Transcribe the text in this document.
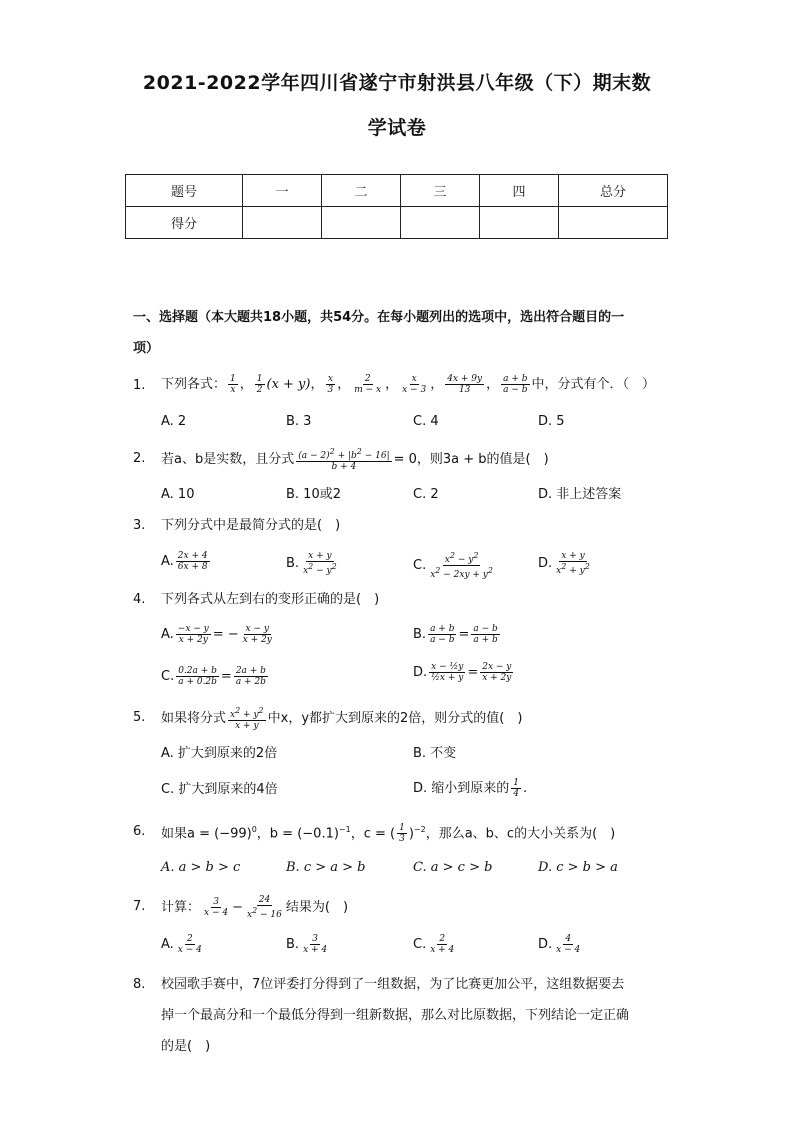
2021-2022学年四川省遂宁市射洪县八年级（下）期末数
学试卷
题号	一	二	三	四	总分
得分					
一、选择题（本大题共18小题，共54分。在每小题列出的选项中，选出符合题目的一
项）
1. 下列各式： $\frac{1}{x}$ ， $\frac{1}{2} (x + y)$， $\frac{x}{3}$ ， $\frac{2}{m - x}$ ， $\frac{x}{x - 3}$ ， $\frac{4x + 9y}{13}$ ， $\frac{a + b}{a - b}$ 中，分式有个．（　）
A. 2	B. 3	C. 4	D. 5
2. 若a、b是实数，且分式 $\frac{(a - 2)2 + |b2 - 16|}{b + 4} = 0$，则3a + b的值是(　)
A. 10	B. 10或2	C. 2	D. 非上述答案
3. 下列分式中是最简分式的是(　)
A. $\frac{2x + 4}{6x + 8}$	B. $\frac{x + y}{x2 - y2}$	C. $\frac{x2 - y2}{x2 - 2xy + y2}$	D. $\frac{x + y}{x2 + y2}$
4. 下列各式从左到右的变形正确的是(　)
A. $\frac{-x - y}{x + 2y}$ = − $\frac{x - y}{x + 2y}$	B. $\frac{a + b}{a - b} = \frac{a - b}{a + b}$
C. $\frac{0.2a + b}{a + 0.2b} = \frac{2a + b}{a + 2b}$	D. $\frac{\text{x − ½y}}{\text{½x + y}} = \frac{2x - y}{x + 2y}$
5. 如果将分式 $\frac{x2 + y2}{x + y}$ 中x，y都扩大到原来的2倍，则分式的值(　)
A. 扩大到原来的2倍	B. 不变
C. 扩大到原来的4倍	D. 缩小到原来的 $\frac{1}{4}$ .
6. 如果$a = (-99)^0$，$b = (-0.1)^{-1}$，c = ( $\frac{1}{3} )^{-2}$，那么a、b、c的大小关系为(　)
A. a > b > c	B. c > a > b	C. a > c > b	D. c > b > a
7. 计算： $\frac{3}{x - 4} - \frac{24}{x2 - 16}$ 结果为(　)
A. $\frac{2}{x - 4}$	B. $\frac{3}{x + 4}$	C. $\frac{2}{x + 4}$	D. $\frac{4}{x - 4}$
8. 校园歌手赛中，7位评委打分得到了一组数据，为了比赛更加公平，这组数据要去
掉一个最高分和一个最低分得到一组新数据，那么对比原数据，下列结论一定正确
的是(　)
